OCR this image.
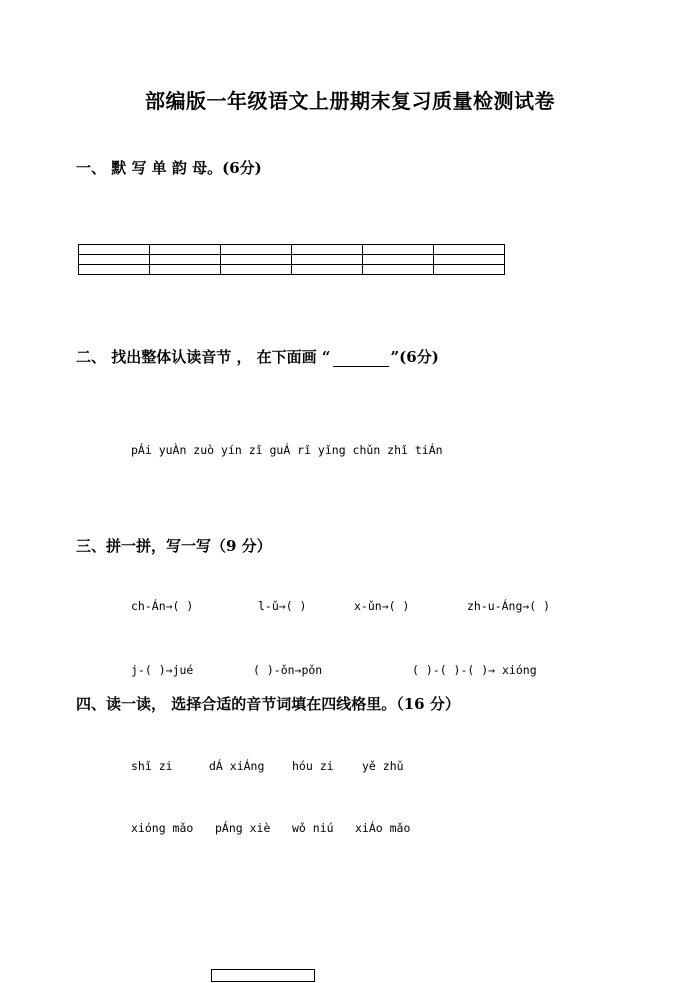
部编版一年级语文上册期末复习质量检测试卷
一、 默 写 单 韵 母。(6分)

二、 找出整体认读音节 ， 在下面画 “	”(6分)
pÁi yuÀn zuò yín zǐ guÁ rǐ yǐng chǔn zhǐ tiÁn
三、拼一拼，写一写（9 分）
ch-Án→( )	l-ǔ→( )	x-ǔn→( )	zh-u-Áng→( )
j-( )→jué	( )-ǒn→pǒn	( )-( )-( )→ xióng
四、读一读， 选择合适的音节词填在四线格里。（16 分）
shǐ zi	dÁ xiÁng hóu zi yě zhǔ
xióng mǎo pÁng xiè wǒ niú xiÁo mǎo
